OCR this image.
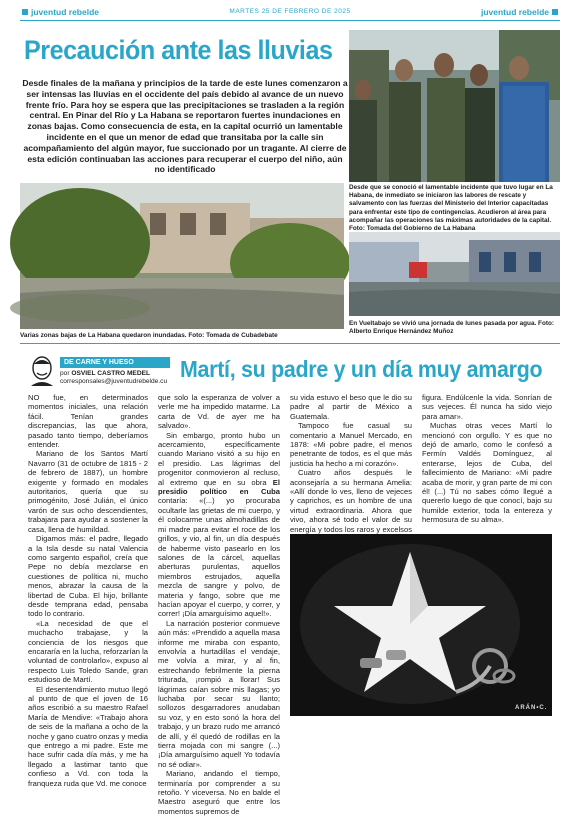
juventud rebelde	MARTES 25 DE FEBRERO DE 2025	juventud rebelde
Precaución ante las lluvias

Desde finales de la mañana y principios de la tarde de este lunes comenzaron a ser intensas las lluvias en el occidente del país debido al avance de un nuevo frente frío. Para hoy se espera que las precipitaciones se trasladen a la región central. En Pinar del Río y La Habana se reportaron fuertes inundaciones en zonas bajas. Como consecuencia de esta, en la capital ocurrió un lamentable incidente en el que un menor de edad que transitaba por la calle sin acompañamiento del algún mayor, fue succionado por un tragante. Al cierre de esta edición continuaban las acciones para recuperar el cuerpo del niño, aún no identificado

Desde que se conoció el lamentable incidente que tuvo lugar en La Habana, de inmediato se iniciaron las labores de rescate y salvamento con las fuerzas del Ministerio del Interior capacitadas para enfrentar este tipo de contingencias. Acudieron al área para acompañar las operaciones las máximas autoridades de la capital. Foto: Tomada del Gobierno de La Habana

Varias zonas bajas de La Habana quedaron inundadas. Foto: Tomada de Cubadebate

En Vueltabajo se vivió una jornada de lunes pasada por agua. Foto: Alberto Enrique Hernández Muñoz

DE CARNE Y HUESO
por OSVIEL CASTRO MEDEL
corresponsales@juventudrebelde.cu Martí, su padre y un día muy amargo

NO fue, en determinados momentos iniciales, una relación fácil. Tenían grandes discrepancias, las que ahora, pasado tanto tiempo, deberíamos entender.

Mariano de los Santos Martí Navarro (31 de octubre de 1815 - 2 de febrero de 1887), un hombre exigente y formado en modales autoritarios, quería que su primogénito, José Julián, el único varón de sus ocho descendientes, trabajara para ayudar a sostener la casa, llena de humildad.

Digamos más: el padre, llegado a la Isla desde su natal Valencia como sargento español, creía que Pepe no debía mezclarse en cuestiones de política ni, mucho menos, abrazar la causa de la libertad de Cuba. El hijo, brillante desde temprana edad, pensaba todo lo contrario.

«La necesidad de que el muchacho trabajase, y la conciencia de los riesgos que encararía en la lucha, reforzarían la voluntad de controlarlo», expuso al respecto Luis Toledo Sande, gran estudioso de Martí.

El desentendimiento mutuo llegó al punto de que el joven de 16 años escribió a su maestro Rafael María de Mendive: «Trabajo ahora de seis de la mañana a ocho de la noche y gano cuatro onzas y media que entrego a mi padre. Este me hace sufrir cada día más, y me ha llegado a lastimar tanto que confieso a Vd. con toda la franqueza ruda que Vd. me conoce

que solo la esperanza de volver a verle me ha impedido matarme. La carta de Vd. de ayer me ha salvado».

Sin embargo, pronto hubo un acercamiento, específicamente cuando Mariano visitó a su hijo en el presidio. Las lágrimas del progenitor conmovieron al recluso, al extremo que en su obra El presidio político en Cuba contaría: «(...) yo procuraba ocultarle las grietas de mi cuerpo, y él colocarme unas almohadillas de mi madre para evitar el roce de los grillos, y vio, al fin, un día después de haberme visto pasearlo en los salones de la cárcel, aquellas aberturas purulentas, aquellos miembros estrujados, aquella mezcla de sangre y polvo, de materia y fango, sobre que me hacían apoyar el cuerpo, y correr, y correr! ¡Día amarguísimo aquel!».

La narración posterior conmueve aún más: «Prendido a aquella masa informe me miraba con espanto, envolvía a hurtadillas el vendaje, me volvía a mirar, y al fin, estrechando febrilmente la pierna triturada, ¡rompió a llorar! Sus lágrimas caían sobre mis llagas; yo luchaba por secar su llanto; sollozos desgarradores anudaban su voz, y en esto sonó la hora del trabajo, y un brazo rudo me arrancó de allí, y él quedó de rodillas en la tierra mojada con mi sangre (...) ¡Día amarguísimo aquel! Yo todavía no sé odiar».

Mariano, andando el tiempo, terminaría por comprender a su retoño. Y viceversa. No en balde el Maestro aseguró que entre los momentos supremos de

su vida estuvo el beso que le dio su padre al partir de México a Guatemala.

Tampoco fue casual su comentario a Manuel Mercado, en 1878: «Mi pobre padre, el menos penetrante de todos, es el que más justicia ha hecho a mi corazón».

Cuatro años después le aconsejaría a su hermana Amelia: «Allí donde lo ves, lleno de vejeces y caprichos, es un hombre de una virtud extraordinaria. Ahora que vivo, ahora sé todo el valor de su energía y todos los raros y excelsos

figura. Endúlcenle la vida. Sonrían de sus vejeces. Él nunca ha sido viejo para amar».

Muchas otras veces Martí lo mencionó con orgullo. Y es que no dejó de amarlo, como le confesó a Fermín Valdés Domínguez, al enterarse, lejos de Cuba, del fallecimiento de Mariano: «Mi padre acaba de morir, y gran parte de mi con él! (...) Tú no sabes cómo llegué a quererlo luego de que conocí, bajo su humilde exterior, toda la entereza y hermosura de su alma».

ARÁN•C.
